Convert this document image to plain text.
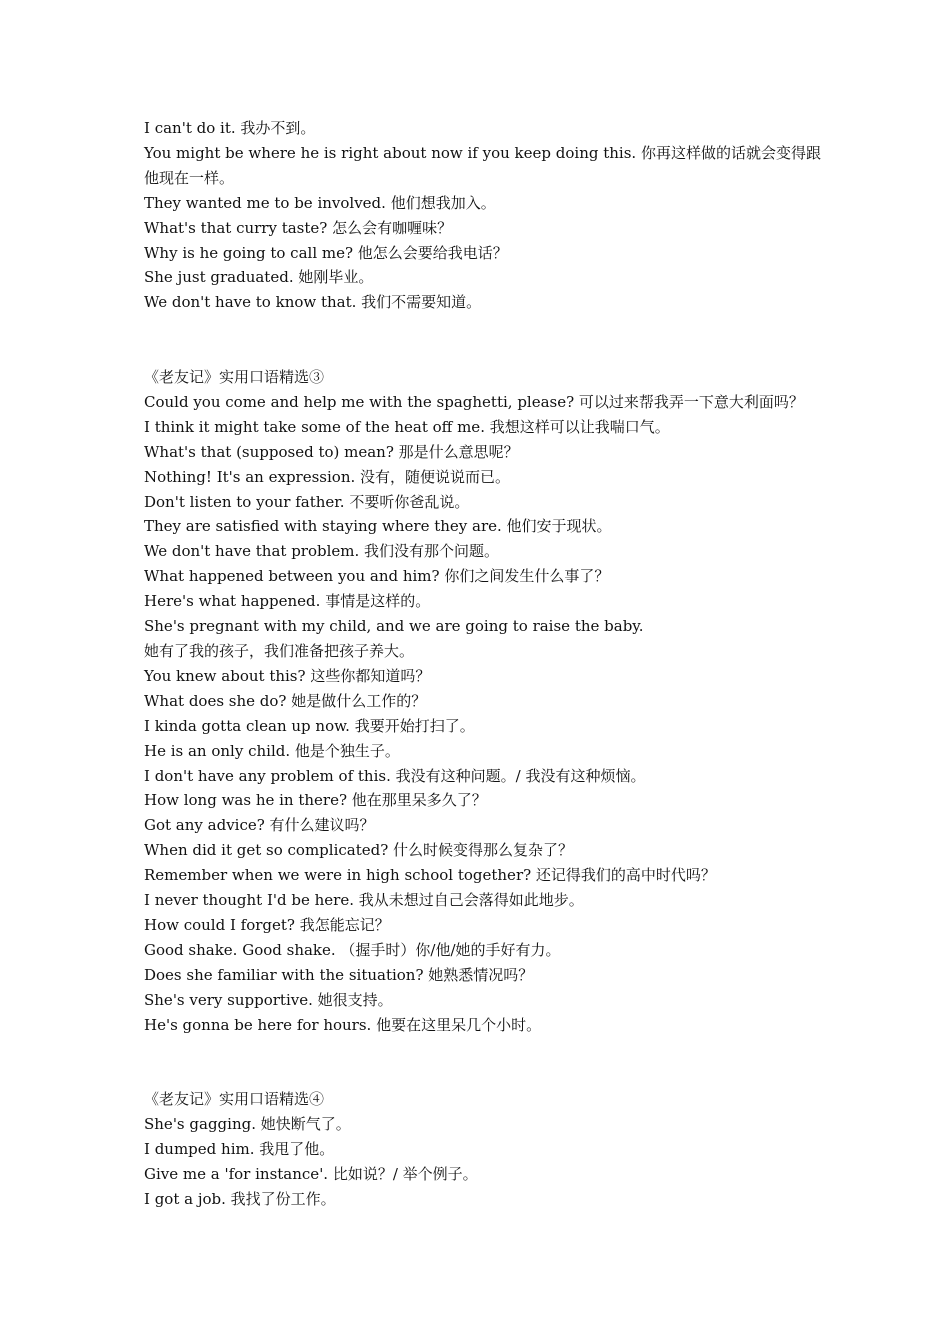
I can't do it. 我办不到。
You might be where he is right about now if you keep doing this. 你再这样做的话就会变得跟他现在一样。
They wanted me to be involved. 他们想我加入。
What's that curry taste? 怎么会有咖喱味？
Why is he going to call me? 他怎么会要给我电话？
She just graduated. 她刚毕业。
We don't have to know that. 我们不需要知道。
《老友记》实用口语精选③
Could you come and help me with the spaghetti, please? 可以过来帮我弄一下意大利面吗？
I think it might take some of the heat off me. 我想这样可以让我喘口气。
What's that (supposed to) mean? 那是什么意思呢？
Nothing! It's an expression. 没有，随便说说而已。
Don't listen to your father. 不要听你爸乱说。
They are satisfied with staying where they are. 他们安于现状。
We don't have that problem. 我们没有那个问题。
What happened between you and him? 你们之间发生什么事了？
Here's what happened. 事情是这样的。
She's pregnant with my child, and we are going to raise the baby.
她有了我的孩子，我们准备把孩子养大。
You knew about this? 这些你都知道吗？
What does she do? 她是做什么工作的？
I kinda gotta clean up now. 我要开始打扫了。
He is an only child. 他是个独生子。
I don't have any problem of this. 我没有这种问题。/ 我没有这种烦恼。
How long was he in there? 他在那里呆多久了？
Got any advice? 有什么建议吗？
When did it get so complicated? 什么时候变得那么复杂了？
Remember when we were in high school together? 还记得我们的高中时代吗？
I never thought I'd be here. 我从未想过自己会落得如此地步。
How could I forget? 我怎能忘记？
Good shake. Good shake. （握手时）你/他/她的手好有力。
Does she familiar with the situation? 她熟悉情况吗？
She's very supportive. 她很支持。
He's gonna be here for hours. 他要在这里呆几个小时。
《老友记》实用口语精选④
She's gagging. 她快断气了。
I dumped him. 我甩了他。
Give me a 'for instance'. 比如说？/ 举个例子。
I got a job. 我找了份工作。
